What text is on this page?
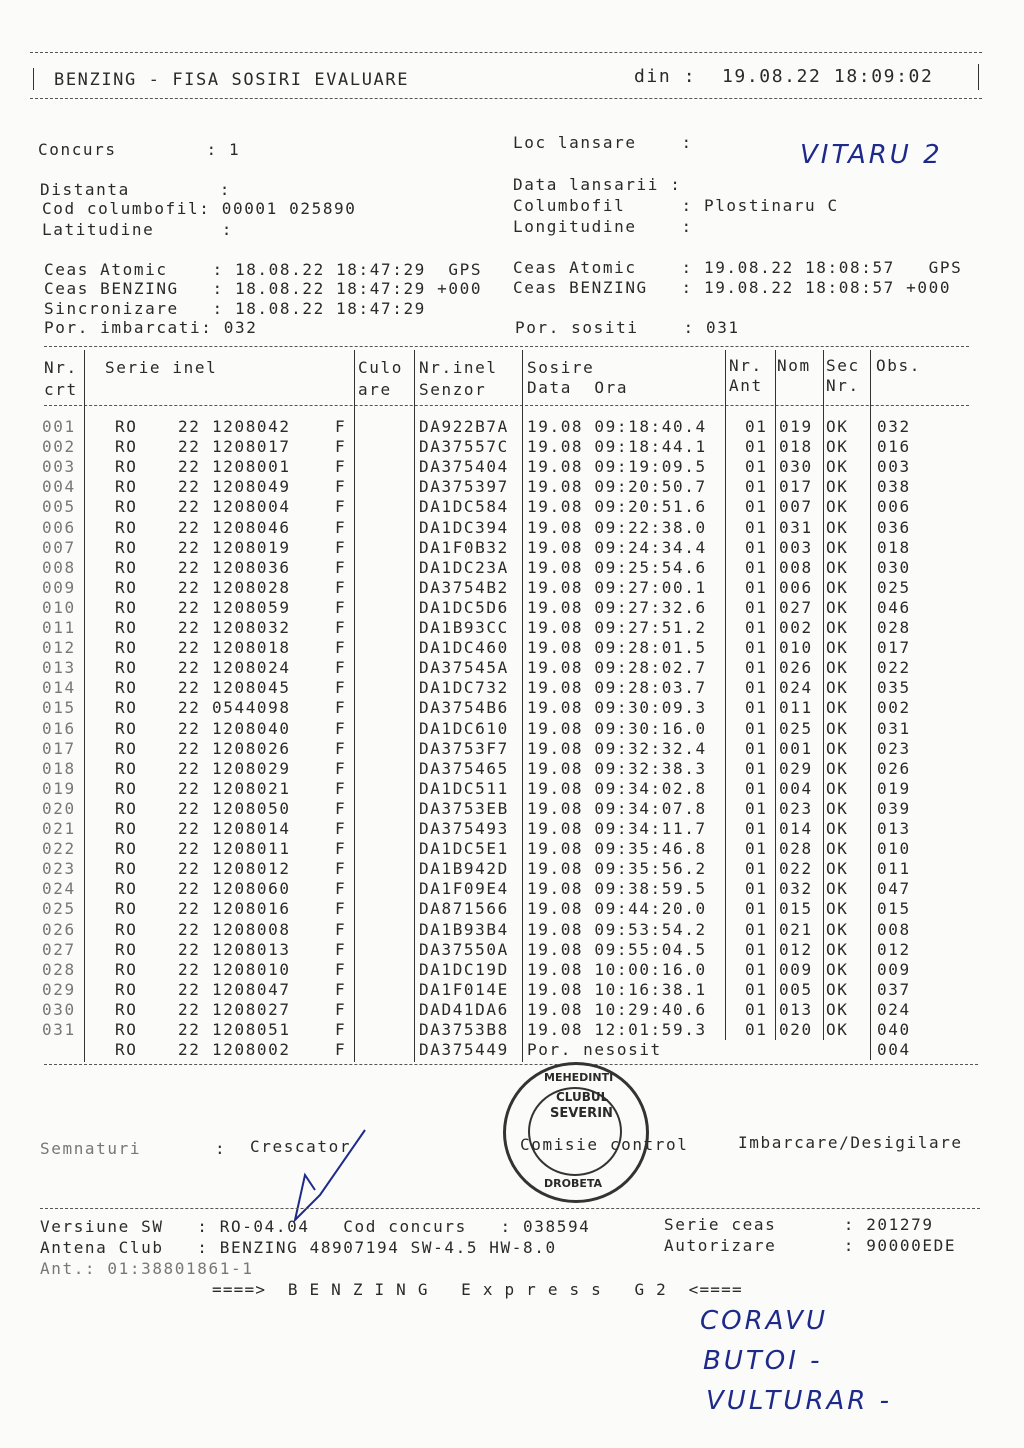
BENZING - FISA SOSIRI EVALUARE	din : 19.08.22 18:09:02
Concurs        : 1	Loc lansare    :	VITARU 2
Distanta        :	Data lansarii :
Cod columbofil: 00001 025890	Columbofil     : Plostinaru C
Latitudine      :	Longitudine    :
Ceas Atomic    : 18.08.22 18:47:29  GPS Ceas Atomic    : 19.08.22 18:08:57   GPS
Ceas BENZING   : 18.08.22 18:47:29 +000 Ceas BENZING   : 19.08.22 18:08:57 +000
Sincronizare   : 18.08.22 18:47:29
Por. imbarcati: 032	Por. sositi    : 031
Nr.
crt
Serie inel	Culo
are
Nr.inel
Senzor
Sosire
Data  Ora
Nr.
Ant
Nom Sec
Nr.
Obs.
001 RO	22 1208042	F	DA922B7A 19.08 09:18:40.4 01 019 OK 032
002 RO	22 1208017	F	DA37557C 19.08 09:18:44.1 01 018 OK 016
003 RO	22 1208001	F	DA375404 19.08 09:19:09.5 01 030 OK 003
004 RO	22 1208049	F	DA375397 19.08 09:20:50.7 01 017 OK 038
005 RO	22 1208004	F	DA1DC584 19.08 09:20:51.6 01 007 OK 006
006 RO	22 1208046	F	DA1DC394 19.08 09:22:38.0 01 031 OK 036
007 RO	22 1208019	F	DA1F0B32 19.08 09:24:34.4 01 003 OK 018
008 RO	22 1208036	F	DA1DC23A 19.08 09:25:54.6 01 008 OK 030
009 RO	22 1208028	F	DA3754B2 19.08 09:27:00.1 01 006 OK 025
010 RO	22 1208059	F	DA1DC5D6 19.08 09:27:32.6 01 027 OK 046
011 RO	22 1208032	F	DA1B93CC 19.08 09:27:51.2 01 002 OK 028
012 RO	22 1208018	F	DA1DC460 19.08 09:28:01.5 01 010 OK 017
013 RO	22 1208024	F	DA37545A 19.08 09:28:02.7 01 026 OK 022
014 RO	22 1208045	F	DA1DC732 19.08 09:28:03.7 01 024 OK 035
015 RO	22 0544098	F	DA3754B6 19.08 09:30:09.3 01 011 OK 002
016 RO	22 1208040	F	DA1DC610 19.08 09:30:16.0 01 025 OK 031
017 RO	22 1208026	F	DA3753F7 19.08 09:32:32.4 01 001 OK 023
018 RO	22 1208029	F	DA375465 19.08 09:32:38.3 01 029 OK 026
019 RO	22 1208021	F	DA1DC511 19.08 09:34:02.8 01 004 OK 019
020 RO	22 1208050	F	DA3753EB 19.08 09:34:07.8 01 023 OK 039
021 RO	22 1208014	F	DA375493 19.08 09:34:11.7 01 014 OK 013
022 RO	22 1208011	F	DA1DC5E1 19.08 09:35:46.8 01 028 OK 010
023 RO	22 1208012	F	DA1B942D 19.08 09:35:56.2 01 022 OK 011
024 RO	22 1208060	F	DA1F09E4 19.08 09:38:59.5 01 032 OK 047
025 RO	22 1208016	F	DA871566 19.08 09:44:20.0 01 015 OK 015
026 RO	22 1208008	F	DA1B93B4 19.08 09:53:54.2 01 021 OK 008
027 RO	22 1208013	F	DA37550A 19.08 09:55:04.5 01 012 OK 012
028 RO	22 1208010	F	DA1DC19D 19.08 10:00:16.0 01 009 OK 009
029 RO	22 1208047	F	DA1F014E 19.08 10:16:38.1 01 005 OK 037
030 RO	22 1208027	F	DAD41DA6 19.08 10:29:40.6 01 013 OK 024
031 RO	22 1208051	F	DA3753B8 19.08 12:01:59.3 01 020 OK 040
RO	22 1208002	F	DA375449 Por. nesosit	004
Semnaturi	: Crescator
MEHEDINTI
CLUBUL
SEVERIN
DROBETA
Comisie control	Imbarcare/Desigilare
Versiune SW   : RO-04.04   Cod concurs   : 038594	Serie ceas      : 201279
Antena Club   : BENZING 48907194 SW-4.5 HW-8.0	Autorizare      : 90000EDE
Ant.: 01:38801861-1
====>  B E N Z I N G   E x p r e s s   G 2  <====
CORAVU
BUTOI -
VULTURAR -
